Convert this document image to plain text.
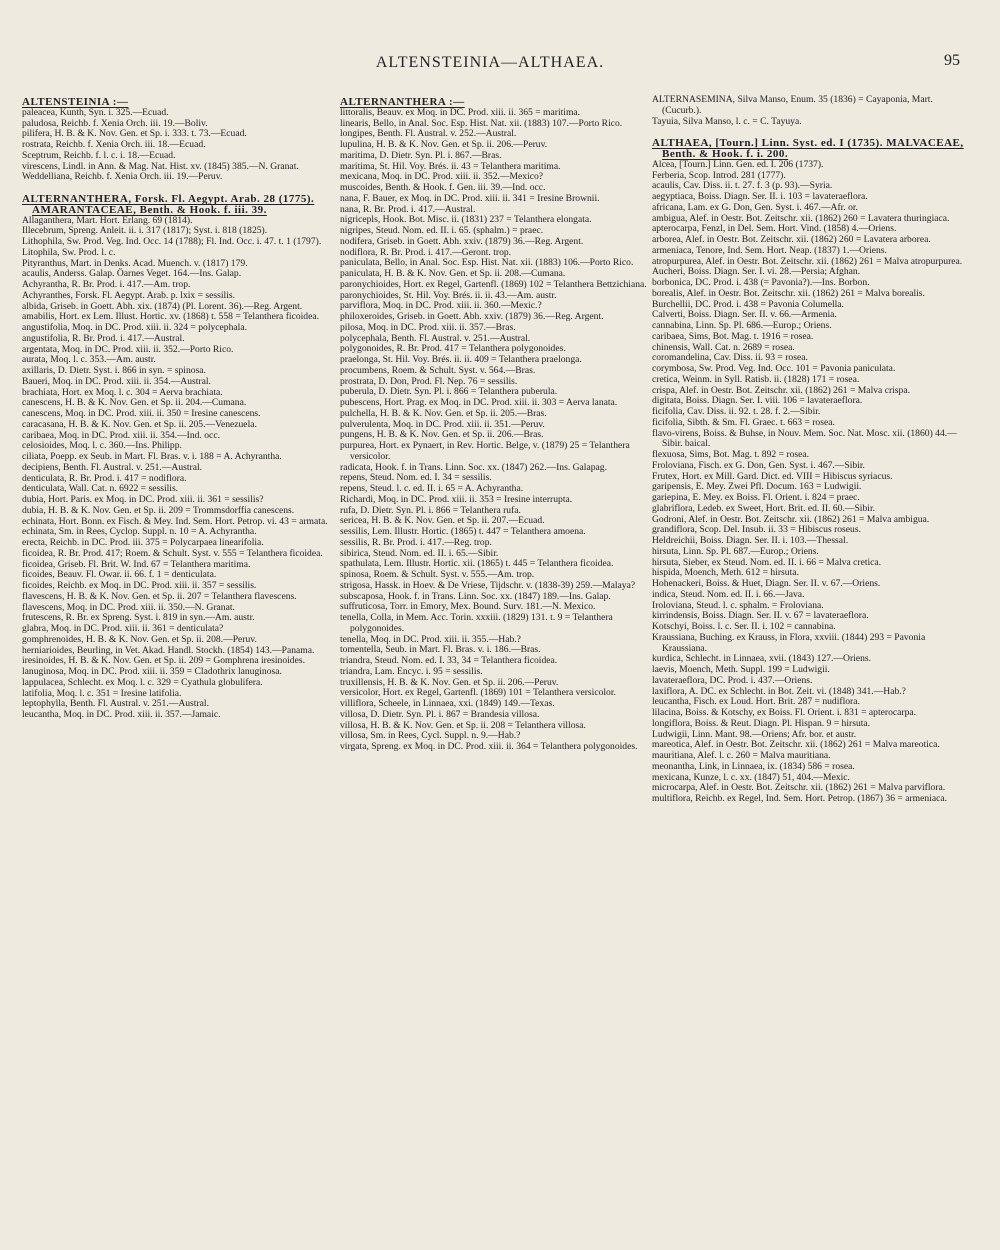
ALTENSTEINIA—ALTHAEA.	95
ALTENSTEINIA :—
paleacea, Kunth, Syn. i. 325.—Ecuad.
paludosa, Reichb. f. Xenia Orch. iii. 19.—Boliv.
pilifera, H. B. & K. Nov. Gen. et Sp. i. 333. t. 73.—Ecuad.
rostrata, Reichb. f. Xenia Orch. iii. 18.—Ecuad.
Sceptrum, Reichb. f. l. c. i. 18.—Ecuad.
virescens, Lindl. in Ann. & Mag. Nat. Hist. xv. (1845) 385.—N. Granat.
Weddelliana, Reichb. f. Xenia Orch. iii. 19.—Peruv.
ALTERNANTHERA, Forsk. Fl. Aegypt. Arab. 28 (1775). AMARANTACEAE, Benth. & Hook. f. iii. 39.
Allaganthera, Mart. Hort. Erlang. 69 (1814).
Illecebrum, Spreng. Anleit. ii. i. 317 (1817); Syst. i. 818 (1825).
Lithophila, Sw. Prod. Veg. Ind. Occ. 14 (1788); Fl. Ind. Occ. i. 47. t. 1 (1797).
Litophila, Sw. Prod. l. c.
Pityranthus, Mart. in Denks. Acad. Muench. v. (1817) 179.
acaulis, Anderss. Galap. Öarnes Veget. 164.—Ins. Galap.
Achyrantha, R. Br. Prod. i. 417.—Am. trop.
Achyranthes, Forsk. Fl. Aegypt. Arab. p. lxix = sessilis.
albida, Griseb. in Goett. Abh. xix. (1874) (Pl. Lorent. 36).—Reg. Argent.
amabilis, Hort. ex Lem. Illust. Hortic. xv. (1868) t. 558 = Telanthera ficoidea.
angustifolia, Moq. in DC. Prod. xiii. ii. 324 = polycephala.
angustifolia, R. Br. Prod. i. 417.—Austral.
argentata, Moq. in DC. Prod. xiii. ii. 352.—Porto Rico.
aurata, Moq. l. c. 353.—Am. austr.
axillaris, D. Dietr. Syst. i. 866 in syn. = spinosa.
Baueri, Moq. in DC. Prod. xiii. ii. 354.—Austral.
brachiata, Hort. ex Moq. l. c. 304 = Aerva brachiata.
canescens, H. B. & K. Nov. Gen. et Sp. ii. 204.—Cumana.
canescens, Moq. in DC. Prod. xiii. ii. 350 = Iresine canescens.
caracasana, H. B. & K. Nov. Gen. et Sp. ii. 205.—Venezuela.
caribaea, Moq. in DC. Prod. xiii. ii. 354.—Ind. occ.
celosioides, Moq. l. c. 360.—Ins. Philipp.
ciliata, Poepp. ex Seub. in Mart. Fl. Bras. v. i. 188 = A. Achyrantha.
decipiens, Benth. Fl. Austral. v. 251.—Austral.
denticulata, R. Br. Prod. i. 417 = nodiflora.
denticulata, Wall. Cat. n. 6922 = sessilis.
dubia, Hort. Paris. ex Moq. in DC. Prod. xiii. ii. 361 = sessilis?
dubia, H. B. & K. Nov. Gen. et Sp. ii. 209 = Trommsdorffia canescens.
echinata, Hort. Bonn. ex Fisch. & Mey. Ind. Sem. Hort. Petrop. vi. 43 = armata.
echinata, Sm. in Rees, Cyclop. Suppl. n. 10 = A. Achyrantha.
erecta, Reichb. in DC. Prod. iii. 375 = Polycarpaea linearifolia.
ficoidea, R. Br. Prod. 417; Roem. & Schult. Syst. v. 555 = Telanthera ficoidea.
ficoidea, Griseb. Fl. Brit. W. Ind. 67 = Telanthera maritima.
ficoides, Beauv. Fl. Owar. ii. 66. f. 1 = denticulata.
ficoides, Reichb. ex Moq. in DC. Prod. xiii. ii. 357 = sessilis.
flavescens, H. B. & K. Nov. Gen. et Sp. ii. 207 = Telanthera flavescens.
flavescens, Moq. in DC. Prod. xiii. ii. 350.—N. Granat.
frutescens, R. Br. ex Spreng. Syst. i. 819 in syn.—Am. austr.
glabra, Moq. in DC. Prod. xiii. ii. 361 = denticulata?
gomphrenoides, H. B. & K. Nov. Gen. et Sp. ii. 208.—Peruv.
herniarioides, Beurling, in Vet. Akad. Handl. Stockh. (1854) 143.—Panama.
iresinoides, H. B. & K. Nov. Gen. et Sp. ii. 209 = Gomphrena iresinoides.
lanuginosa, Moq. in DC. Prod. xiii. ii. 359 = Cladothrix lanuginosa.
lappulacea, Schlecht. ex Moq. l. c. 329 = Cyathula globulifera.
latifolia, Moq. l. c. 351 = Iresine latifolia.
leptophylla, Benth. Fl. Austral. v. 251.—Austral.
leucantha, Moq. in DC. Prod. xiii. ii. 357.—Jamaic.
ALTERNANTHERA :—
littoralis, Beauv. ex Moq. in DC. Prod. xiii. ii. 365 = maritima.
linearis, Bello, in Anal. Soc. Esp. Hist. Nat. xii. (1883) 107.—Porto Rico.
longipes, Benth. Fl. Austral. v. 252.—Austral.
lupulina, H. B. & K. Nov. Gen. et Sp. ii. 206.—Peruv.
maritima, D. Dietr. Syn. Pl. i. 867.—Bras.
maritima, St. Hil. Voy. Brés. ii. 43 = Telanthera maritima.
mexicana, Moq. in DC. Prod. xiii. ii. 352.—Mexico?
muscoides, Benth. & Hook. f. Gen. iii. 39.—Ind. occ.
nana, F. Bauer, ex Moq. in DC. Prod. xiii. ii. 341 = Iresine Brownii.
nana, R. Br. Prod. i. 417.—Austral.
nigricepls, Hook. Bot. Misc. ii. (1831) 237 = Telanthera elongata.
nigripes, Steud. Nom. ed. II. i. 65. (sphalm.) = praec.
nodifera, Griseb. in Goett. Abh. xxiv. (1879) 36.—Reg. Argent.
nodiflora, R. Br. Prod. i. 417.—Geront. trop.
paniculata, Bello, in Anal. Soc. Esp. Hist. Nat. xii. (1883) 106.—Porto Rico.
paniculata, H. B. & K. Nov. Gen. et Sp. ii. 208.—Cumana.
paronychioides, Hort. ex Regel, Gartenfl. (1869) 102 = Telanthera Bettzichiana.
paronychioides, St. Hil. Voy. Brés. ii. ii. 43.—Am. austr.
parviflora, Moq. in DC. Prod. xiii. ii. 360.—Mexic.?
philoxeroides, Griseb. in Goett. Abh. xxiv. (1879) 36.—Reg. Argent.
pilosa, Moq. in DC. Prod. xiii. ii. 357.—Bras.
polycephala, Benth. Fl. Austral. v. 251.—Austral.
polygonoides, R. Br. Prod. 417 = Telanthera polygonoides.
praelonga, St. Hil. Voy. Brés. ii. ii. 409 = Telanthera praelonga.
procumbens, Roem. & Schult. Syst. v. 564.—Bras.
prostrata, D. Don, Prod. Fl. Nep. 76 = sessilis.
puberula, D. Dietr. Syn. Pl. i. 866 = Telanthera puberula.
pubescens, Hort. Prag. ex Moq. in DC. Prod. xiii. ii. 303 = Aerva lanata.
pulchella, H. B. & K. Nov. Gen. et Sp. ii. 205.—Bras.
pulverulenta, Moq. in DC. Prod. xiii. ii. 351.—Peruv.
pungens, H. B. & K. Nov. Gen. et Sp. ii. 206.—Bras.
purpurea, Hort. ex Pynaert, in Rev. Hortic. Belge, v. (1879) 25 = Telanthera versicolor.
radicata, Hook. f. in Trans. Linn. Soc. xx. (1847) 262.—Ins. Galapag.
repens, Steud. Nom. ed. I. 34 = sessilis.
repens, Steud. l. c. ed. II. i. 65 = A. Achyrantha.
Richardi, Moq. in DC. Prod. xiii. ii. 353 = Iresine interrupta.
rufa, D. Dietr. Syn. Pl. i. 866 = Telanthera rufa.
sericea, H. B. & K. Nov. Gen. et Sp. ii. 207.—Ecuad.
sessilis, Lem. Illustr. Hortic. (1865) t. 447 = Telanthera amoena.
sessilis, R. Br. Prod. i. 417.—Reg. trop.
sibirica, Steud. Nom. ed. II. i. 65.—Sibir.
spathulata, Lem. Illustr. Hortic. xii. (1865) t. 445 = Telanthera ficoidea.
spinosa, Roem. & Schult. Syst. v. 555.—Am. trop.
strigosa, Hassk. in Hoev. & De Vriese, Tijdschr. v. (1838-39) 259.—Malaya?
subscaposa, Hook. f. in Trans. Linn. Soc. xx. (1847) 189.—Ins. Galap.
suffruticosa, Torr. in Emory, Mex. Bound. Surv. 181.—N. Mexico.
tenella, Colla, in Mem. Acc. Torin. xxxiii. (1829) 131. t. 9 = Telanthera polygonoides.
tenella, Moq. in DC. Prod. xiii. ii. 355.—Hab.?
tomentella, Seub. in Mart. Fl. Bras. v. i. 186.—Bras.
triandra, Steud. Nom. ed. I. 33, 34 = Telanthera ficoidea.
triandra, Lam. Encyc. i. 95 = sessilis.
truxillensis, H. B. & K. Nov. Gen. et Sp. ii. 206.—Peruv.
versicolor, Hort. ex Regel, Gartenfl. (1869) 101 = Telanthera versicolor.
villiflora, Scheele, in Linnaea, xxi. (1849) 149.—Texas.
villosa, D. Dietr. Syn. Pl. i. 867 = Brandesia villosa.
villosa, H. B. & K. Nov. Gen. et Sp. ii. 208 = Telanthera villosa.
villosa, Sm. in Rees, Cycl. Suppl. n. 9.—Hab.?
virgata, Spreng. ex Moq. in DC. Prod. xiii. ii. 364 = Telanthera polygonoides.
ALTERNASEMINA, Silva Manso, Enum. 35 (1836) = Cayaponia, Mart. (Cucurb.).
Tayuia, Silva Manso, l. c. = C. Tayuya.
ALTHAEA, [Tourn.] Linn. Syst. ed. I (1735). MALVACEAE, Benth. & Hook. f. i. 200.
Alcea, [Tourn.] Linn. Gen. ed. I. 206 (1737).
Ferberia, Scop. Introd. 281 (1777).
acaulis, Cav. Diss. ii. t. 27. f. 3 (p. 93).—Syria.
aegyptiaca, Boiss. Diagn. Ser. II. i. 103 = lavateraeflora.
africana, Lam. ex G. Don, Gen. Syst. i. 467.—Afr. or.
ambigua, Alef. in Oestr. Bot. Zeitschr. xii. (1862) 260 = Lavatera thuringiaca.
apterocarpa, Fenzl, in Del. Sem. Hort. Vind. (1858) 4.—Oriens.
arborea, Alef. in Oestr. Bot. Zeitschr. xii. (1862) 260 = Lavatera arborea.
armeniaca, Tenore, Ind. Sem. Hort. Neap. (1837) 1.—Oriens.
atropurpurea, Alef. in Oestr. Bot. Zeitschr. xii. (1862) 261 = Malva atropurpurea.
Aucheri, Boiss. Diagn. Ser. I. vi. 28.—Persia; Afghan.
borbonica, DC. Prod. i. 438 (= Pavonia?).—Ins. Borbon.
borealis, Alef. in Oestr. Bot. Zeitschr. xii. (1862) 261 = Malva borealis.
Burchellii, DC. Prod. i. 438 = Pavonia Columella.
Calverti, Boiss. Diagn. Ser. II. v. 66.—Armenia.
cannabina, Linn. Sp. Pl. 686.—Europ.; Oriens.
caribaea, Sims, Bot. Mag. t. 1916 = rosea.
chinensis, Wall. Cat. n. 2689 = rosea.
coromandelina, Cav. Diss. ii. 93 = rosea.
corymbosa, Sw. Prod. Veg. Ind. Occ. 101 = Pavonia paniculata.
cretica, Weinm. in Syll. Ratisb. ii. (1828) 171 = rosea.
crispa, Alef. in Oestr. Bot. Zeitschr. xii. (1862) 261 = Malva crispa.
digitata, Boiss. Diagn. Ser. I. viii. 106 = lavateraeflora.
ficifolia, Cav. Diss. ii. 92. t. 28. f. 2.—Sibir.
ficifolia, Sibth. & Sm. Fl. Graec. t. 663 = rosea.
flavo-virens, Boiss. & Buhse, in Nouv. Mem. Soc. Nat. Mosc. xii. (1860) 44.—Sibir. baical.
flexuosa, Sims, Bot. Mag. t. 892 = rosea.
Froloviana, Fisch. ex G. Don, Gen. Syst. i. 467.—Sibir.
Frutex, Hort. ex Mill. Gard. Dict. ed. VIII = Hibiscus syriacus.
garipensis, E. Mey. Zwei Pfl. Docum. 163 = Ludwigii.
gariepina, E. Mey. ex Boiss. Fl. Orient. i. 824 = praec.
glabriflora, Ledeb. ex Sweet, Hort. Brit. ed. II. 60.—Sibir.
Godroni, Alef. in Oestr. Bot. Zeitschr. xii. (1862) 261 = Malva ambigua.
grandiflora, Scop. Del. Insub. ii. 33 = Hibiscus roseus.
Heldreichii, Boiss. Diagn. Ser. II. i. 103.—Thessal.
hirsuta, Linn. Sp. Pl. 687.—Europ.; Oriens.
hirsuta, Sieber, ex Steud. Nom. ed. II. i. 66 = Malva cretica.
hispida, Moench, Meth. 612 = hirsuta.
Hohenackeri, Boiss. & Huet, Diagn. Ser. II. v. 67.—Oriens.
indica, Steud. Nom. ed. II. i. 66.—Java.
Iroloviana, Steud. l. c. sphalm. = Froloviana.
kirrindensis, Boiss. Diagn. Ser. II. v. 67 = lavateraeflora.
Kotschyi, Boiss. l. c. Ser. II. i. 102 = cannabina.
Kraussiana, Buching. ex Krauss, in Flora, xxviii. (1844) 293 = Pavonia Kraussiana.
kurdica, Schlecht. in Linnaea, xvii. (1843) 127.—Oriens.
laevis, Moench, Meth. Suppl. 199 = Ludwigii.
lavateraeflora, DC. Prod. i. 437.—Oriens.
laxiflora, A. DC. ex Schlecht. in Bot. Zeit. vi. (1848) 341.—Hab.?
leucantha, Fisch. ex Loud. Hort. Brit. 287 = nudiflora.
lilacina, Boiss. & Kotschy, ex Boiss. Fl. Orient. i. 831 = apterocarpa.
longiflora, Boiss. & Reut. Diagn. Pl. Hispan. 9 = hirsuta.
Ludwigii, Linn. Mant. 98.—Oriens; Afr. bor. et austr.
mareotica, Alef. in Oestr. Bot. Zeitschr. xii. (1862) 261 = Malva mareotica.
mauritiana, Alef. l. c. 260 = Malva mauritiana.
meonantha, Link, in Linnaea, ix. (1834) 586 = rosea.
mexicana, Kunze, l. c. xx. (1847) 51, 404.—Mexic.
microcarpa, Alef. in Oestr. Bot. Zeitschr. xii. (1862) 261 = Malva parviflora.
multiflora, Reichb. ex Regel, Ind. Sem. Hort. Petrop. (1867) 36 = armeniaca.
